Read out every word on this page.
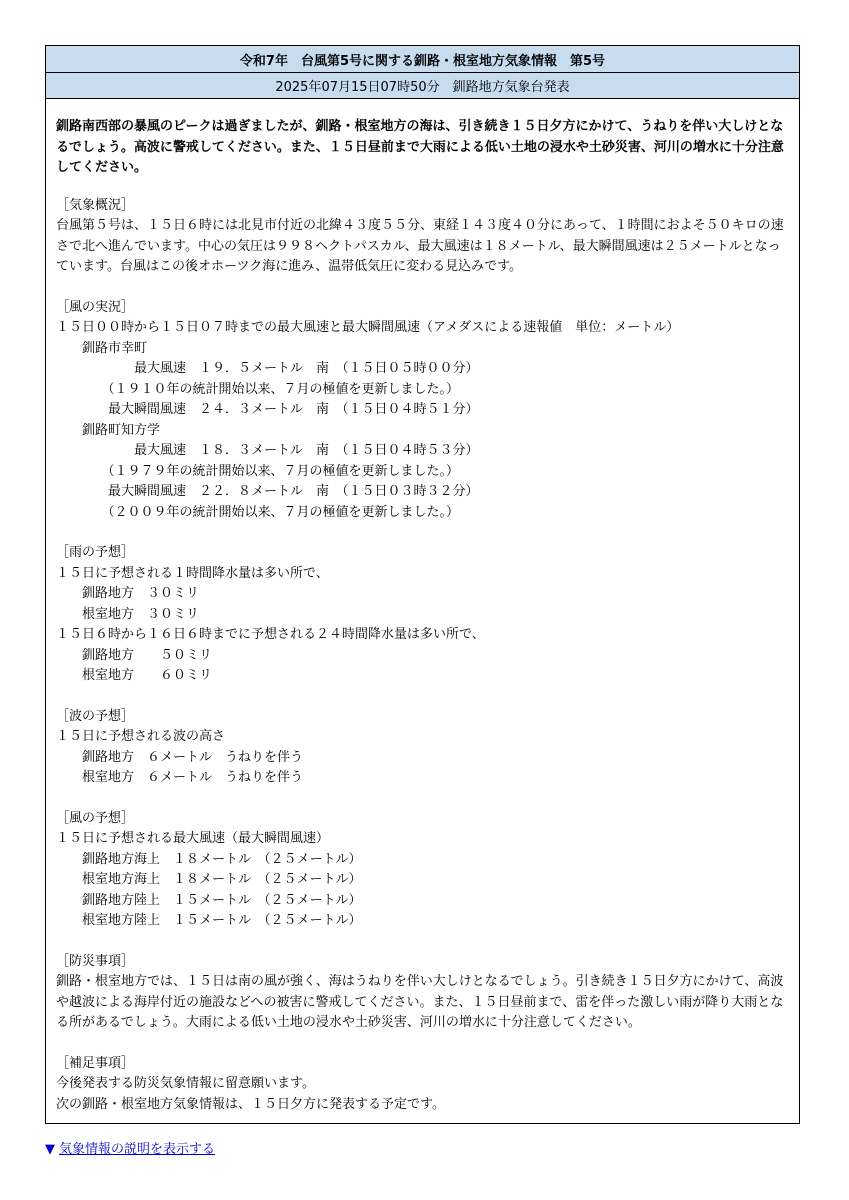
令和7年　台風第5号に関する釧路・根室地方気象情報　第5号
2025年07月15日07時50分　釧路地方気象台発表

釧路南西部の暴風のピークは過ぎましたが、釧路・根室地方の海は、引き続き１５日夕方にかけて、うねりを伴い大しけとなるでしょう。高波に警戒してください。また、１５日昼前まで大雨による低い土地の浸水や土砂災害、河川の増水に十分注意してください。

［気象概況］

台風第５号は、１５日６時には北見市付近の北緯４３度５５分、東経１４３度４０分にあって、１時間におよそ５０キロの速さで北へ進んでいます。中心の気圧は９９８ヘクトパスカル、最大風速は１８メートル、最大瞬間風速は２５メートルとなっています。台風はこの後オホーツク海に進み、温帯低気圧に変わる見込みです。

［風の実況］
１５日００時から１５日０７時までの最大風速と最大瞬間風速（アメダスによる速報値　単位：メートル）
　　釧路市幸町
　　　　　　最大風速　１９．５メートル　南　（１５日０５時００分）
　　　　（１９１０年の統計開始以来、７月の極値を更新しました。）
　　　　最大瞬間風速　２４．３メートル　南　（１５日０４時５１分）
　　釧路町知方学
　　　　　　最大風速　１８．３メートル　南　（１５日０４時５３分）
　　　　（１９７９年の統計開始以来、７月の極値を更新しました。）
　　　　最大瞬間風速　２２．８メートル　南　（１５日０３時３２分）
　　　　（２００９年の統計開始以来、７月の極値を更新しました。）
［雨の予想］
１５日に予想される１時間降水量は多い所で、
　　釧路地方　３０ミリ
　　根室地方　３０ミリ
１５日６時から１６日６時までに予想される２４時間降水量は多い所で、
　　釧路地方　　５０ミリ
　　根室地方　　６０ミリ
［波の予想］
１５日に予想される波の高さ
　　釧路地方　６メートル　うねりを伴う
　　根室地方　６メートル　うねりを伴う
［風の予想］
１５日に予想される最大風速（最大瞬間風速）
　　釧路地方海上　１８メートル　（２５メートル）
　　根室地方海上　１８メートル　（２５メートル）
　　釧路地方陸上　１５メートル　（２５メートル）
　　根室地方陸上　１５メートル　（２５メートル）
［防災事項］

釧路・根室地方では、１５日は南の風が強く、海はうねりを伴い大しけとなるでしょう。引き続き１５日夕方にかけて、高波や越波による海岸付近の施設などへの被害に警戒してください。また、１５日昼前まで、雷を伴った激しい雨が降り大雨となる所があるでしょう。大雨による低い土地の浸水や土砂災害、河川の増水に十分注意してください。

［補足事項］
今後発表する防災気象情報に留意願います。
次の釧路・根室地方気象情報は、１５日夕方に発表する予定です。
▼ 気象情報の説明を表示する
